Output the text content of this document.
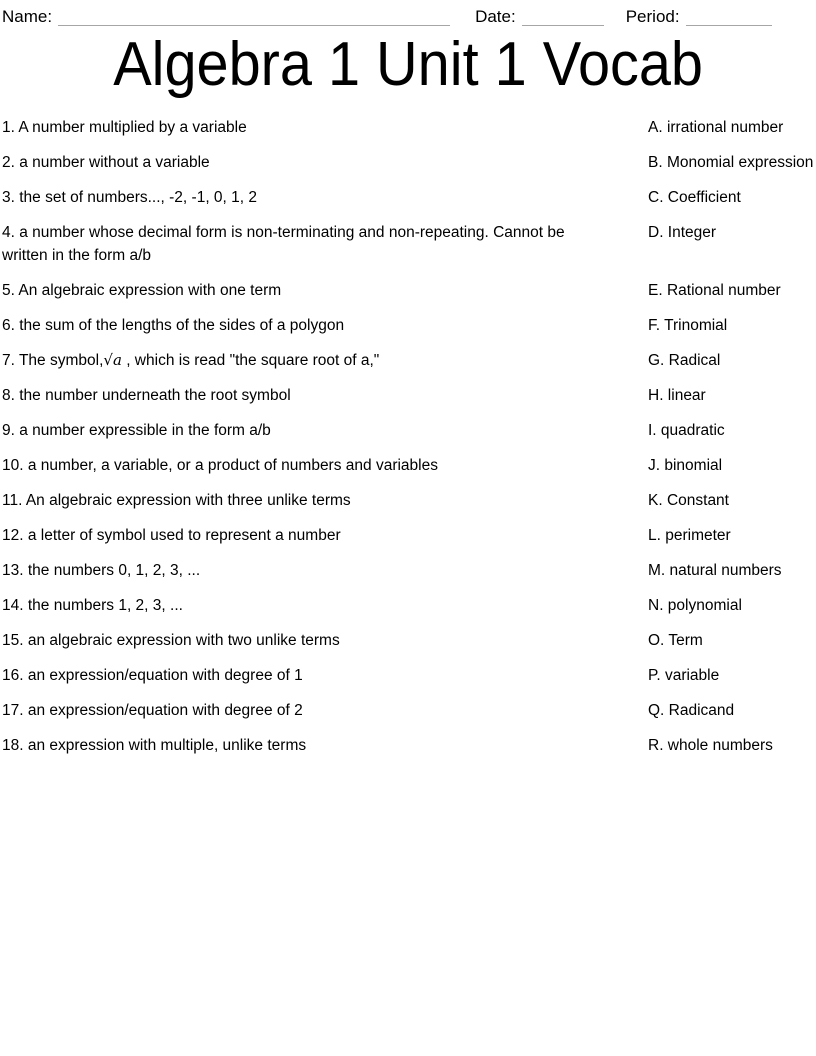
Name:	Date:	Period:
Algebra 1 Unit 1 Vocab
1. A number multiplied by a variable	A. irrational number
2. a number without a variable	B. Monomial expression
3. the set of numbers..., -2, -1, 0, 1, 2	C. Coefficient
4. a number whose decimal form is non-terminating and non-repeating. Cannot be written in the form a/b
D. Integer
5. An algebraic expression with one term	E. Rational number
6. the sum of the lengths of the sides of a polygon	F. Trinomial
7. The symbol,√a , which is read "the square root of a,"	G. Radical
8. the number underneath the root symbol	H. linear
9. a number expressible in the form a/b	I. quadratic
10. a number, a variable, or a product of numbers and variables	J. binomial
11. An algebraic expression with three unlike terms	K. Constant
12. a letter of symbol used to represent a number	L. perimeter
13. the numbers 0, 1, 2, 3, ...	M. natural numbers
14. the numbers 1, 2, 3, ...	N. polynomial
15. an algebraic expression with two unlike terms	O. Term
16. an expression/equation with degree of 1	P. variable
17. an expression/equation with degree of 2	Q. Radicand
18. an expression with multiple, unlike terms	R. whole numbers
